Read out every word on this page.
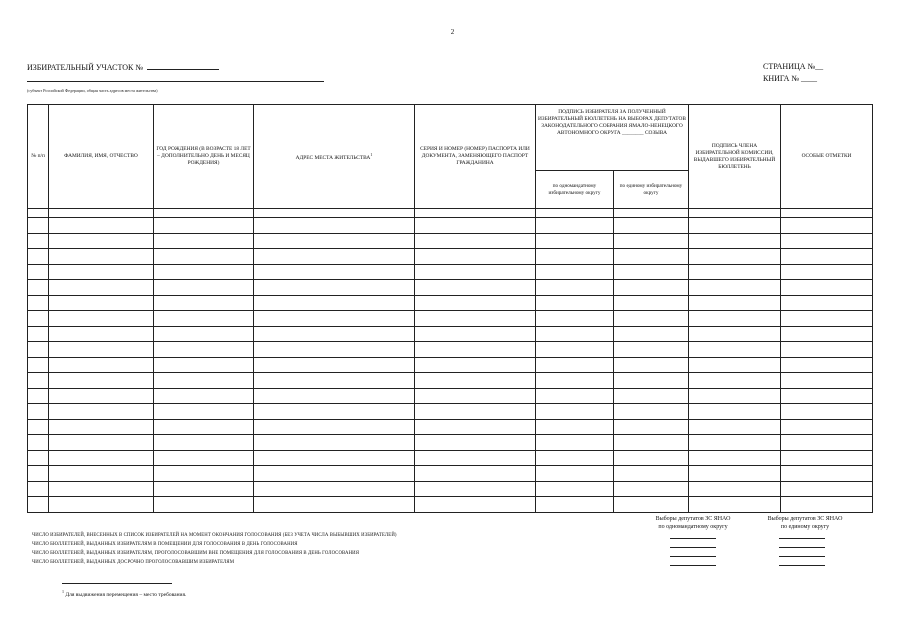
2
ИЗБИРАТЕЛЬНЫЙ УЧАСТОК №
(субъект Российской Федерации, общая часть адресов места жительства)
СТРАНИЦА №__
КНИГА № ____
№ п/п	ФАМИЛИЯ, ИМЯ, ОТЧЕСТВО	ГОД РОЖДЕНИЯ (В ВОЗРАСТЕ 18 ЛЕТ – ДОПОЛНИТЕЛЬНО ДЕНЬ И МЕСЯЦ РОЖДЕНИЯ)	АДРЕС МЕСТА ЖИТЕЛЬСТВА$^1$	СЕРИЯ И НОМЕР (НОМЕР) ПАСПОРТА ИЛИ ДОКУМЕНТА, ЗАМЕНЯЮЩЕГО ПАСПОРТ ГРАЖДАНИНА	ПОДПИСЬ ИЗБИРАТЕЛЯ ЗА ПОЛУЧЕННЫЙ ИЗБИРАТЕЛЬНЫЙ БЮЛЛЕТЕНЬ НА ВЫБОРАХ ДЕПУТАТОВ ЗАКОНОДАТЕЛЬНОГО СОБРАНИЯ ЯМАЛО-НЕНЕЦКОГО АВТОНОМНОГО ОКРУГА ________ СОЗЫВА		ПОДПИСЬ ЧЛЕНА ИЗБИРАТЕЛЬНОЙ КОМИССИИ, ВЫДАВШЕГО ИЗБИРАТЕЛЬНЫЙ БЮЛЛЕТЕНЬ	ОСОБЫЕ ОТМЕТКИ
					по одномандатному избирательному округу	по единому избирательному округу		

ЧИСЛО ИЗБИРАТЕЛЕЙ, ВНЕСЕННЫХ В СПИСОК ИЗБИРАТЕЛЕЙ НА МОМЕНТ ОКОНЧАНИЯ ГОЛОСОВАНИЯ (БЕЗ УЧЕТА ЧИСЛА ВЫБЫВШИХ ИЗБИРАТЕЛЕЙ)
ЧИСЛО БЮЛЛЕТЕНЕЙ, ВЫДАННЫХ ИЗБИРАТЕЛЯМ В ПОМЕЩЕНИИ ДЛЯ ГОЛОСОВАНИЯ В ДЕНЬ ГОЛОСОВАНИЯ
ЧИСЛО БЮЛЛЕТЕНЕЙ, ВЫДАННЫХ ИЗБИРАТЕЛЯМ, ПРОГОЛОСОВАВШИМ ВНЕ ПОМЕЩЕНИЯ ДЛЯ ГОЛОСОВАНИЯ В ДЕНЬ ГОЛОСОВАНИЯ
ЧИСЛО БЮЛЛЕТЕНЕЙ, ВЫДАННЫХ ДОСРОЧНО ПРОГОЛОСОВАВШИМ ИЗБИРАТЕЛЯМ
Выборы депутатов ЗС ЯНАО
по одномандатному округу
Выборы депутатов ЗС ЯНАО
по единому округу
$^1$ Для выдвижения перемещения – место требования.
